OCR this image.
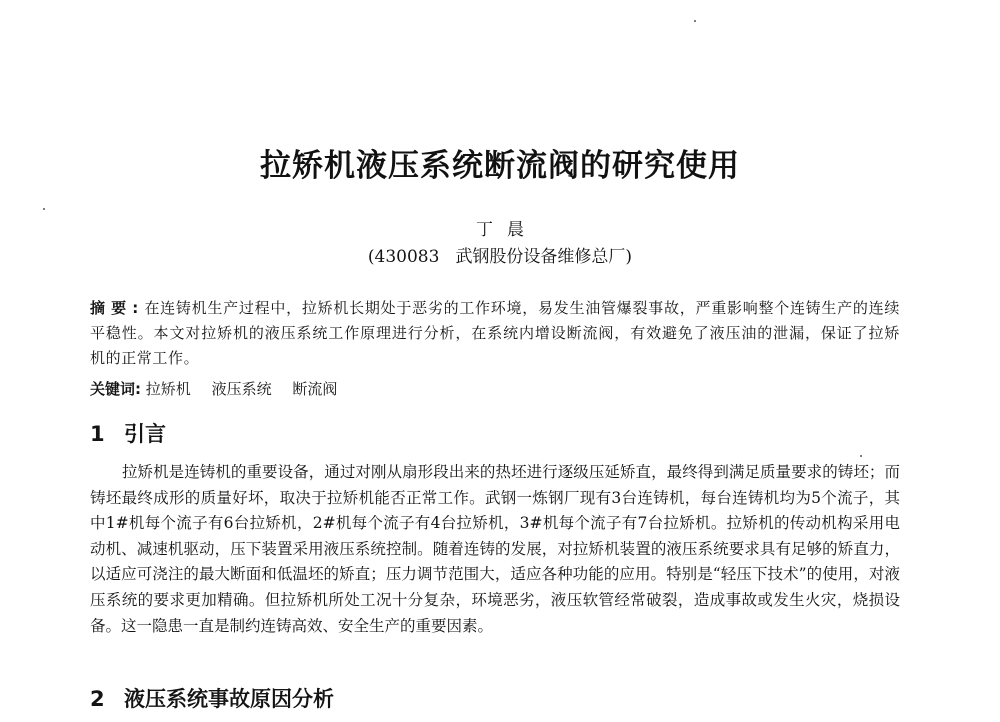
拉矫机液压系统断流阀的研究使用
丁晨
(430083 武钢股份设备维修总厂)
摘要:在连铸机生产过程中，拉矫机长期处于恶劣的工作环境，易发生油管爆裂事故，严重影响整个连铸生产的连续平稳性。本文对拉矫机的液压系统工作原理进行分析，在系统内增设断流阀，有效避免了液压油的泄漏，保证了拉矫机的正常工作。
关键词: 拉矫机 液压系统 断流阀
1 引言
拉矫机是连铸机的重要设备，通过对刚从扇形段出来的热坯进行逐级压延矫直，最终得到满足质量要求的铸坯；而铸坯最终成形的质量好坏，取决于拉矫机能否正常工作。武钢一炼钢厂现有3台连铸机，每台连铸机均为5个流子，其中1#机每个流子有6台拉矫机，2#机每个流子有4台拉矫机，3#机每个流子有7台拉矫机。拉矫机的传动机构采用电动机、减速机驱动，压下装置采用液压系统控制。随着连铸的发展，对拉矫机装置的液压系统要求具有足够的矫直力，以适应可浇注的最大断面和低温坯的矫直；压力调节范围大，适应各种功能的应用。特别是“轻压下技术”的使用，对液压系统的要求更加精确。但拉矫机所处工况十分复杂，环境恶劣，液压软管经常破裂，造成事故或发生火灾，烧损设备。这一隐患一直是制约连铸高效、安全生产的重要因素。
2 液压系统事故原因分析
